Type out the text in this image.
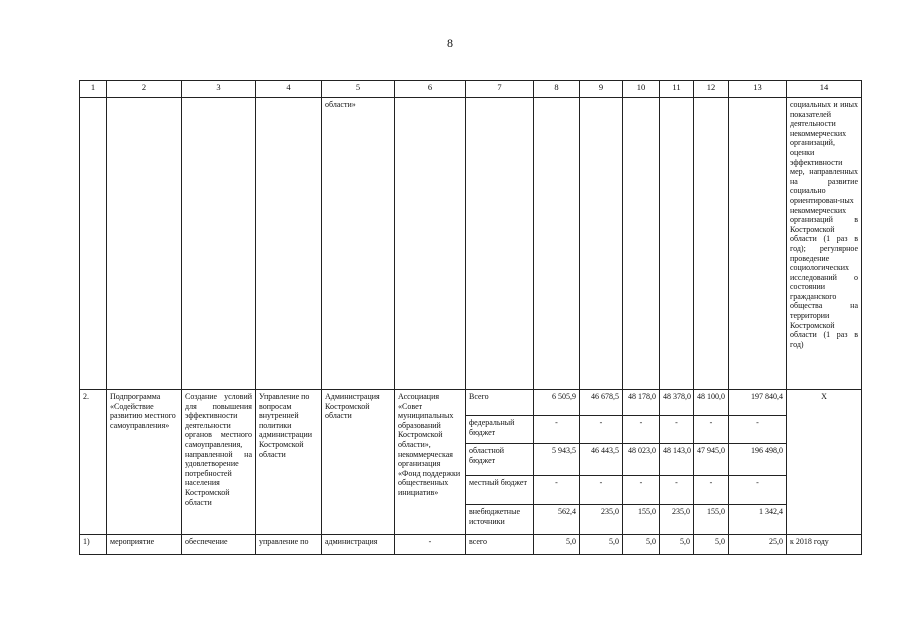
8
1	2	3	4	5	6	7	8	9	10	11	12	13	14
				области»									социальных и иных показателей деятельности некоммерческих организаций, оценки эффективности мер, направленных на развитие социально ориентирован-ных некоммерческих организаций в Костромской области (1 раз в год); регулярное проведение социологических исследований о состоянии гражданского общества на территории Костромской области (1 раз в год)
2.	Подпрограмма «Содействие развитию местного самоуправления»	Создание условий для повышения эффективности деятельности органов местного самоуправления, направленной на удовлетворение потребностей населения Костромской области	Управление по вопросам внутренней политики администрации Костромской области	Администрация Костромской области	Ассоциация «Совет муниципальных образований Костромской области», некоммерческая организация «Фонд поддержки общественных инициатив»	Всего	6 505,9	46 678,5	48 178,0	48 378,0	48 100,0	197 840,4	X
						федеральный бюджет	-	-	-	-	-	-	
						областной бюджет	5 943,5	46 443,5	48 023,0	48 143,0	47 945,0	196 498,0	
						местный бюджет	-	-	-	-	-	-	
						внебюджетные источники	562,4	235,0	155,0	235,0	155,0	1 342,4	
1)	мероприятие	обеспечение	управление по	администрация	-	всего	5,0	5,0	5,0	5,0	5,0	25,0	к 2018 году
